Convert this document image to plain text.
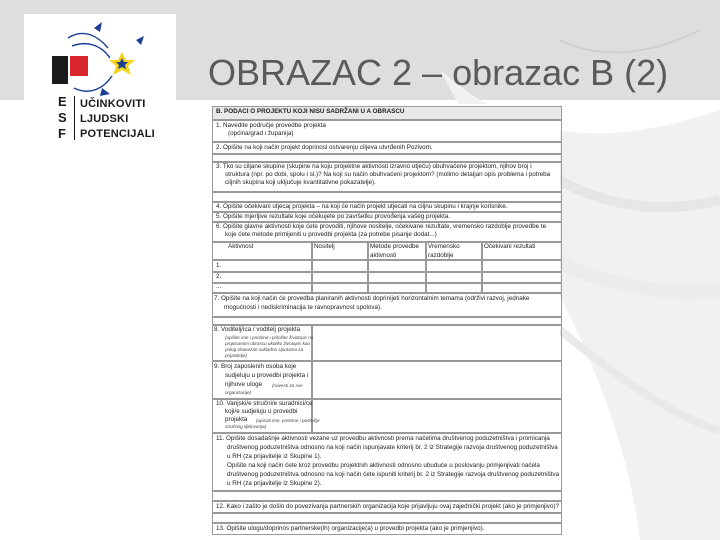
E
S
F
UČINKOVITI
LJUDSKI
POTENCIJALI
OBRAZAC 2 – obrazac B (2)
B. PODACI O PROJEKTU KOJI NISU SADRŽANI U A OBRASCU
1. Navedite područje provedbe projekta
(općina/grad i županija)
2. Opišite na koji način projekt doprinosi ostvarenju ciljeva utvrđenih Pozivom.
3. Tko su ciljane skupine (skupine na koju projektne aktivnosti izravno utječu) obuhvaćene projektom, njihov broj i
struktura (npr. po dobi, spolu i sl.)? Na koji su način obuhvaćeni projektom? (molimo detaljan opis problema i potreba
ciljnih skupina koji uključuje kvantitativne pokazatelje).
4. Opišite očekivani utjecaj projekta – na koji će način projekt utjecati na ciljnu skupinu i krajnje korisnike.
5. Opišite mjerljive rezultate koje očekujete po završetku provođenja vašeg projekta.
6. Opišite glavne aktivnosti koje ćete provoditi, njihove nositelje, očekivane rezultate, vremensko razdoblje provedbe te
koje ćete metode primijeniti u provedbi projekta (za potrebe pisanje dodat...)
Aktivnost	Nositelj	Metode provedbe aktivnosti
Vremensko razdoblje
Očekivani rezultati
1.
2.
...
7. Opišite na koji način će provedba planiranih aktivnosti doprinijeti horizontalnim temama (održivi razvoj, jednake
mogućnosti i nediskriminacija te ravnopravnost spolova).
8. Voditelj/ica / voditelj projekta
(upišite ime i prezime i priložite životopis na
propisanom obrascu ukoliko životopis kao
prilog obavezan sukladno Uputama za
prijavitelje)
9. Broj zaposlenih osoba koje
sudjeluju u provedbi projekta i
njihove uloge (navesti za sve
organizacije)
10. Vanjski/e stručni/e suradnici/ce
koji/e sudjeluju u provedbi
projekta (upisati ime, prezime i područje
stručnog djelovanja)
11. Opišite dosadašnje aktivnosti vezane uz provedbu aktivnosti prema načelima društvenog poduzetništva i promicanja
društvenog poduzetništva odnosno na koji način ispunjavate kriterij br. 2 iz Strategije razvoja društvenog poduzetništva
u RH (za prijavitelje iz Skupine 1).
Opišite na koji način ćete kroz provedbu projektnih aktivnosti odnosno ubuduće u poslovanju primjenjivati načela
društvenog poduzetništva odnosno na koji način ćete ispuniti kriterij br. 2 iz Strategije razvoja društvenog poduzetništva
u RH (za prijavitelje iz Skupine 2).
12. Kako i zašto je došlo do povezivanja partnerskih organizacija koje prijavljuju ovaj zajednički projekt (ako je primjenjivo)?
13. Opišite ulogu/doprinos partnerske(ih) organizacije(a) u provedbi projekta (ako je primjenjivo).
